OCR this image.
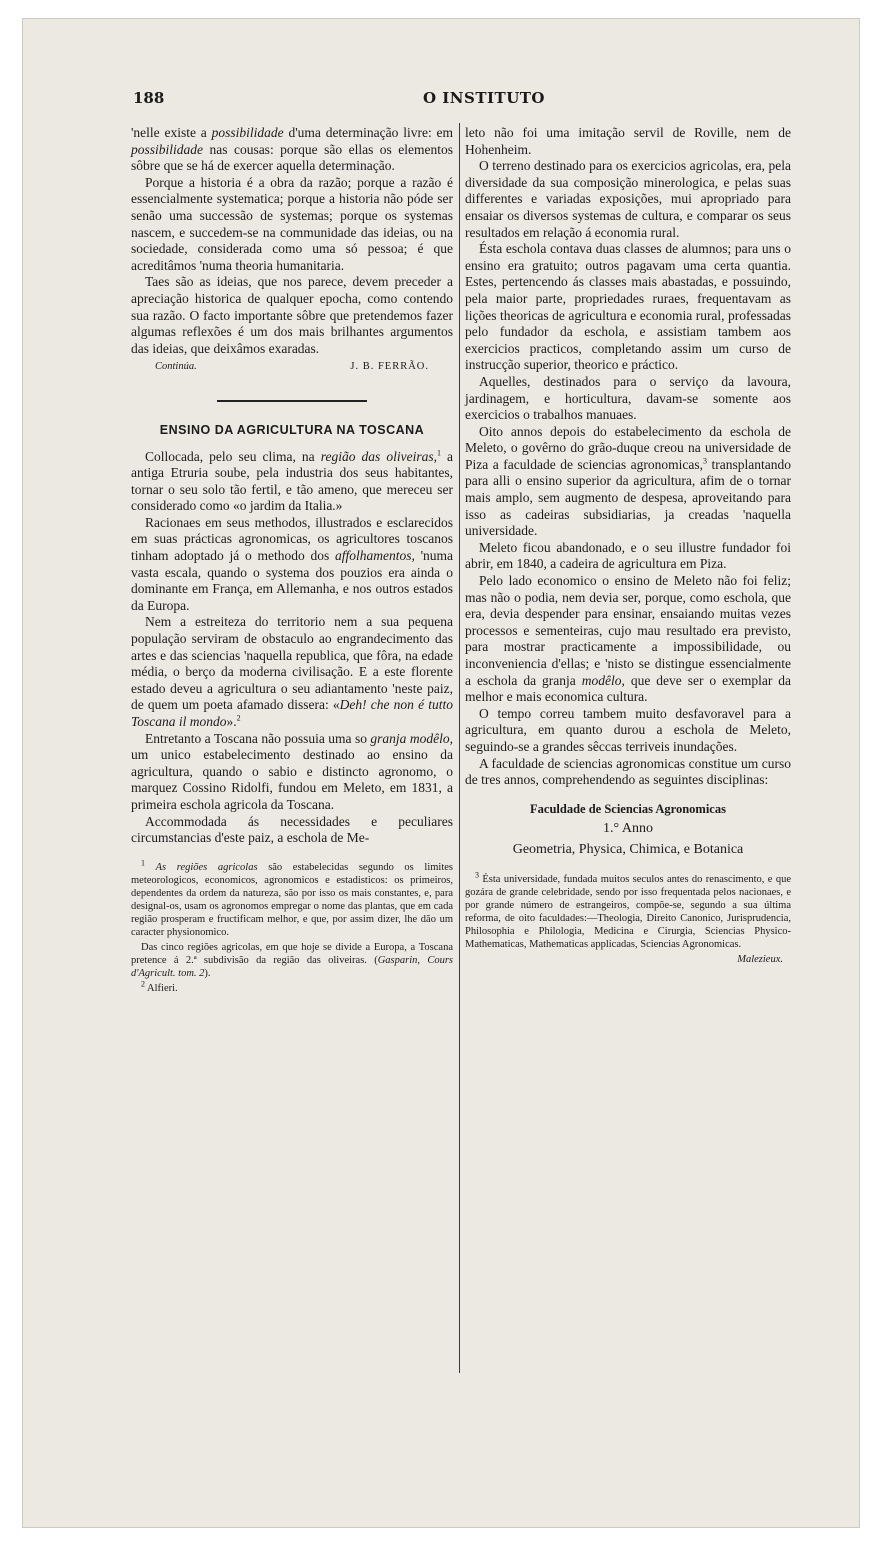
188	O INSTITUTO

'nelle existe a possibilidade d'uma determinação livre: em possibilidade nas cousas: porque são ellas os elementos sôbre que se há de exercer aquella determinação.

Porque a historia é a obra da razão; porque a razão é essencialmente systematica; porque a historia não póde ser senão uma successão de systemas; porque os systemas nascem, e succedem-se na communidade das ideias, ou na sociedade, considerada como uma só pessoa; é que acreditâmos 'numa theoria humanitaria.

Taes são as ideias, que nos parece, devem preceder a apreciação historica de qualquer epocha, como contendo sua razão. O facto importante sôbre que pretendemos fazer algumas reflexões é um dos mais brilhantes argumentos das ideias, que deixâmos exaradas.

Continúa.	J. B. FERRÃO.
ENSINO DA AGRICULTURA NA TOSCANA

Collocada, pelo seu clima, na região das oliveiras,$^1$ a antiga Etruria soube, pela industria dos seus habitantes, tornar o seu solo tão fertil, e tão ameno, que mereceu ser considerado como «o jardim da Italia.»

Racionaes em seus methodos, illustrados e esclarecidos em suas prácticas agronomicas, os agricultores toscanos tinham adoptado já o methodo dos affolhamentos, 'numa vasta escala, quando o systema dos pouzios era ainda o dominante em França, em Allemanha, e nos outros estados da Europa.

Nem a estreiteza do territorio nem a sua pequena população serviram de obstaculo ao engrandecimento das artes e das sciencias 'naquella republica, que fôra, na edade média, o berço da moderna civilisação. E a este florente estado deveu a agricultura o seu adiantamento 'neste paiz, de quem um poeta afamado dissera: «Deh! che non é tutto Toscana il mondo».$^2$

Entretanto a Toscana não possuia uma so granja modêlo, um unico estabelecimento destinado ao ensino da agricultura, quando o sabio e distincto agronomo, o marquez Cossino Ridolfi, fundou em Meleto, em 1831, a primeira eschola agricola da Toscana.

Accommodada ás necessidades e peculiares circumstancias d'este paiz, a eschola de Me-

$^1$ As regiões agricolas são estabelecidas segundo os limites meteorologicos, economicos, agronomicos e estadisticos: os primeiros, dependentes da ordem da natureza, são por isso os mais constantes, e, para designal-os, usam os agronomos empregar o nome das plantas, que em cada região prosperam e fructificam melhor, e que, por assim dizer, lhe dão um caracter physionomico.

Das cinco regiões agricolas, em que hoje se divide a Europa, a Toscana pretence á 2.ª subdivisão da região das oliveiras. (Gasparin, Cours d'Agricult. tom. 2).

$^2$ Alfieri.

leto não foi uma imitação servil de Roville, nem de Hohenheim.

O terreno destinado para os exercicios agricolas, era, pela diversidade da sua composição minerologica, e pelas suas differentes e variadas exposições, mui apropriado para ensaiar os diversos systemas de cultura, e comparar os seus resultados em relação á economia rural.

Ésta eschola contava duas classes de alumnos; para uns o ensino era gratuito; outros pagavam uma certa quantia. Estes, pertencendo ás classes mais abastadas, e possuindo, pela maior parte, propriedades ruraes, frequentavam as lições theoricas de agricultura e economia rural, professadas pelo fundador da eschola, e assistiam tambem aos exercicios practicos, completando assim um curso de instrucção superior, theorico e práctico.

Aquelles, destinados para o serviço da lavoura, jardinagem, e horticultura, davam-se somente aos exercicios o trabalhos manuaes.

Oito annos depois do estabelecimento da eschola de Meleto, o govêrno do grão-duque creou na universidade de Piza a faculdade de sciencias agronomicas,$^3$ transplantando para alli o ensino superior da agricultura, afim de o tornar mais amplo, sem augmento de despesa, aproveitando para isso as cadeiras subsidiarias, ja creadas 'naquella universidade.

Meleto ficou abandonado, e o seu illustre fundador foi abrir, em 1840, a cadeira de agricultura em Piza.

Pelo lado economico o ensino de Meleto não foi feliz; mas não o podia, nem devia ser, porque, como eschola, que era, devia despender para ensinar, ensaiando muitas vezes processos e sementeiras, cujo mau resultado era previsto, para mostrar practicamente a impossibilidade, ou inconveniencia d'ellas; e 'nisto se distingue essencialmente a eschola da granja modêlo, que deve ser o exemplar da melhor e mais economica cultura.

O tempo correu tambem muito desfavoravel para a agricultura, em quanto durou a eschola de Meleto, seguindo-se a grandes sêccas terriveis inundações.

A faculdade de sciencias agronomicas constitue um curso de tres annos, comprehendendo as seguintes disciplinas:

Faculdade de Sciencias Agronomicas
1.° Anno
Geometria, Physica, Chimica, e Botanica

$^3$ Ésta universidade, fundada muitos seculos antes do renascimento, e que gozára de grande celebridade, sendo por isso frequentada pelos nacionaes, e por grande número de estrangeiros, compõe-se, segundo a sua última reforma, de oito faculdades:—Theologia, Direito Canonico, Jurisprudencia, Philosophia e Philologia, Medicina e Cirurgia, Sciencias Physico-Mathematicas, Mathematicas applicadas, Sciencias Agronomicas.

Malezieux.
